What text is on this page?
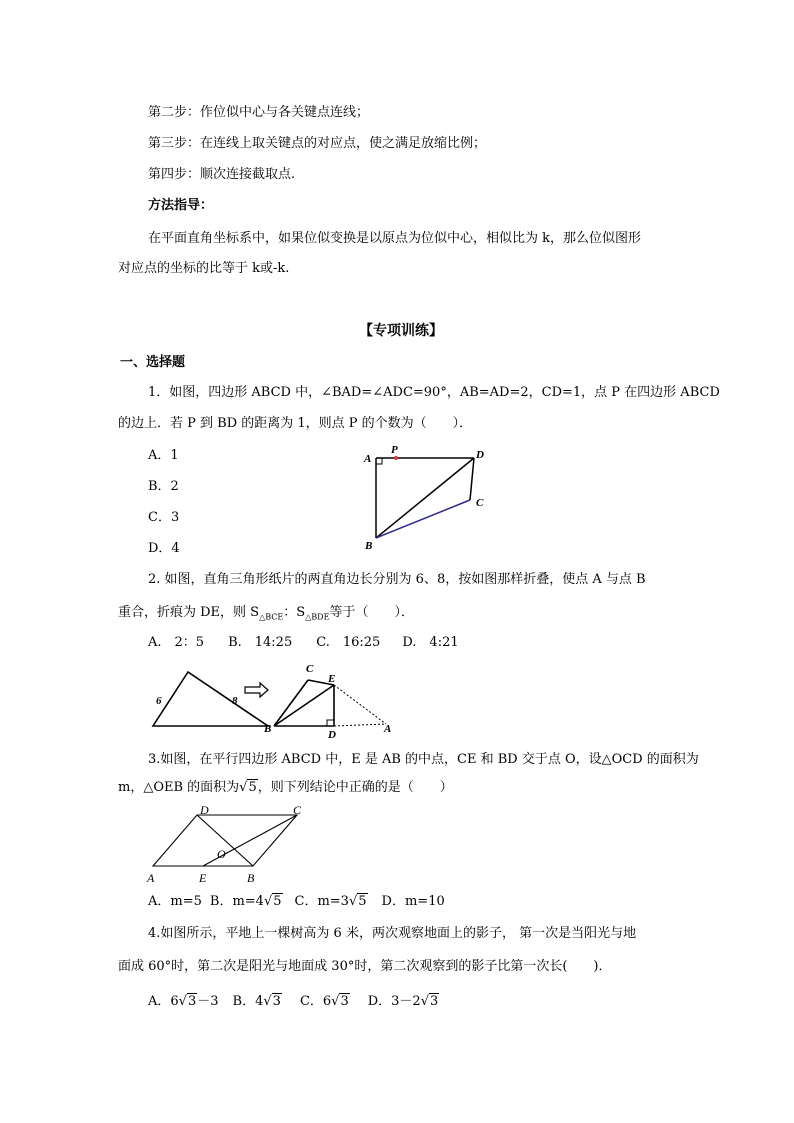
第二步：作位似中心与各关键点连线；
第三步：在连线上取关键点的对应点，使之满足放缩比例；
第四步：顺次连接截取点.
方法指导：
在平面直角坐标系中，如果位似变换是以原点为位似中心，相似比为 k，那么位似图形
对应点的坐标的比等于 k或-k.
【专项训练】
一、选择题
1．如图，四边形 ABCD 中，∠BAD=∠ADC=90°，AB=AD=2，CD=1，点 P 在四边形 ABCD
的边上．若 P 到 BD 的距离为 1，则点 P 的个数为（　　）．
A．1
B．2
C．3
D．4
A
P	D
C
B
2. 如图，直角三角形纸片的两直角边长分别为 6、8，按如图那样折叠，使点 A 与点 B
重合，折痕为 DE，则 $S_{\triangle BCE}$：$S_{\triangle BDE}$等于（　　）．
A.　2：5 B.　14:25 C.　16:25 D.　4:21
6	8
B
C
E
D	A
3.如图，在平行四边形 ABCD 中，E 是 AB 的中点，CE 和 BD 交于点 O，设△OCD 的面积为
m，△OEB 的面积为√5，则下列结论中正确的是（　　）
A	E	B
D	C
O
A．m=5 B．m=4√5 C．m=3√5 D．m=10
4.如图所示，平地上一棵树高为 6 米，两次观察地面上的影子， 第一次是当阳光与地
面成 60°时，第二次是阳光与地面成 30°时，第二次观察到的影子比第一次长(　　)．
A．6√3－3 B．4√3 C．6√3 D．3－2√3
